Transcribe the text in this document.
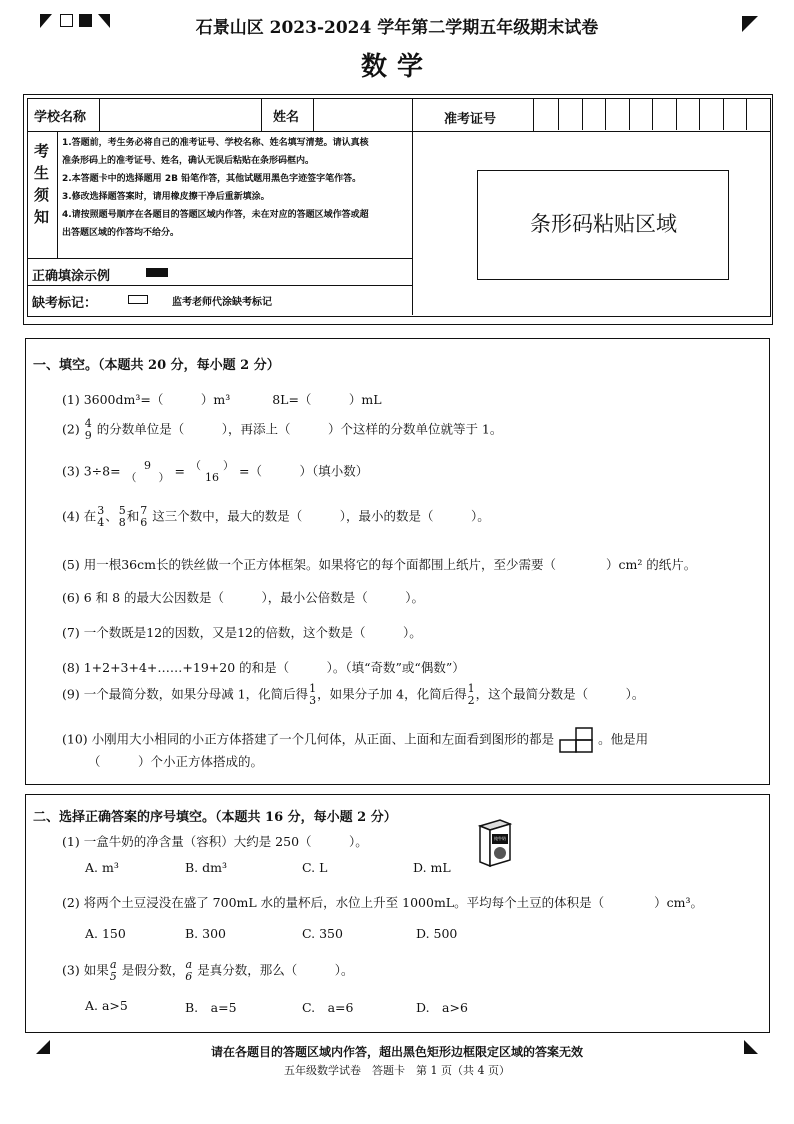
石景山区 2023-2024 学年第二学期五年级期末试卷
数学
学校名称	姓名	准考证号
考生须知

1.答题前，考生务必将自己的准考证号、学校名称、姓名填写清楚。请认真核

准条形码上的准考证号、姓名，确认无误后粘贴在条形码框内。

2.本答题卡中的选择题用 2B 铅笔作答，其他试题用黑色字迹签字笔作答。

3.修改选择题答案时，请用橡皮擦干净后重新填涂。

4.请按照题号顺序在各题目的答题区域内作答，未在对应的答题区域作答或超

出答题区域的作答均不给分。

正确填涂示例
缺考标记：	监考老师代涂缺考标记
条形码粘贴区域
一、填空。（本题共 20 分，每小题 2 分）
(1) 3600dm³=（　　　）m³	8L=（　　　）mL
(2) 4
9 的分数单位是（　　　），再添上（　　　）个这样的分数单位就等于 1。
(3) 3÷8=	9
（　　） = （　　）
16	=（　　　）（填小数）
(4) 在 3
4 、 5
8 和 7
6 这三个数中，最大的数是（　　　），最小的数是（　　　）。
(5) 用一根36cm长的铁丝做一个正方体框架。如果将它的每个面都围上纸片，至少需要（　　　　）cm² 的纸片。
(6) 6 和 8 的最大公因数是（　　　），最小公倍数是（　　　）。
(7) 一个数既是12的因数，又是12的倍数，这个数是（　　　）。
(8) 1+2+3+4+……+19+20 的和是（　　　）。（填“奇数”或“偶数”）
(9) 一个最简分数，如果分母减 1，化简后得 1
3 ，如果分子加 4，化简后得 1
2 ，这个最简分数是（　　　）。
(10) 小刚用大小相同的小正方体搭建了一个几何体，从正面、上面和左面看到图形的都是	。他是用
（　　　）个小正方体搭成的。
二、选择正确答案的序号填空。（本题共 16 分，每小题 2 分）
(1) 一盒牛奶的净含量（容积）大约是 250（　　　）。	纯牛奶
A. m³	B. dm³	C. L	D. mL
(2) 将两个土豆浸没在盛了 700mL 水的量杯后，水位上升至 1000mL。平均每个土豆的体积是（　　　　）cm³。
A. 150	B. 300	C. 350	D. 500
(3) 如果 a
5 是假分数， a
6 是真分数，那么（　　　）。
A. a>5	B.　a=5	C.　a=6	D.　a>6
请在各题目的答题区域内作答，超出黑色矩形边框限定区域的答案无效
五年级数学试卷　答题卡　第 1 页（共 4 页）
